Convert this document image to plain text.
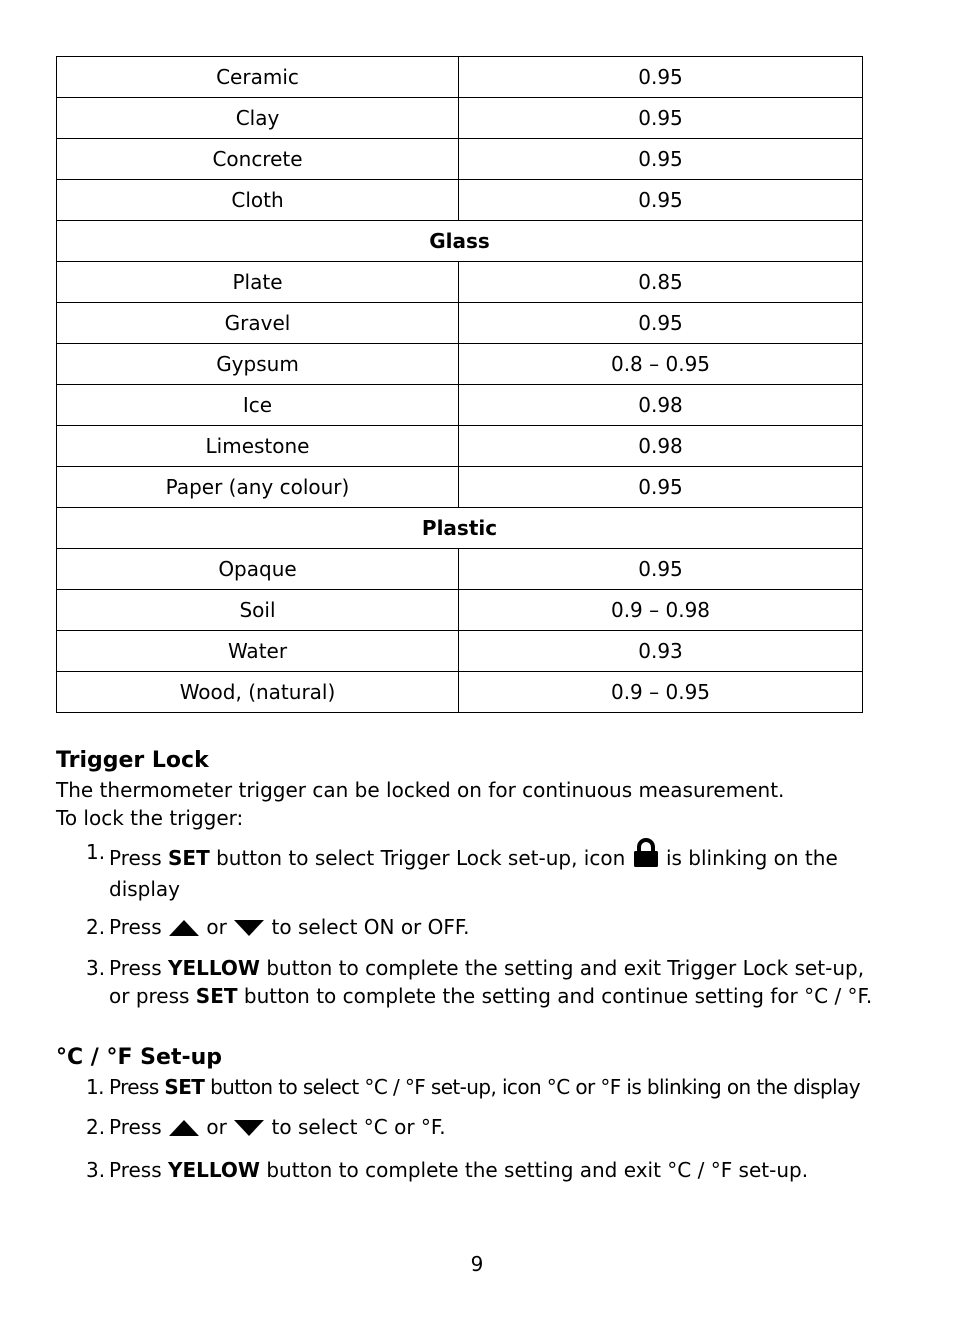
Ceramic	0.95
Clay	0.95
Concrete	0.95
Cloth	0.95
Glass	
Plate	0.85
Gravel	0.95
Gypsum	0.8 – 0.95
Ice	0.98
Limestone	0.98
Paper (any colour)	0.95
Plastic	
Opaque	0.95
Soil	0.9 – 0.98
Water	0.93
Wood, (natural)	0.9 – 0.95
Trigger Lock

The thermometer trigger can be locked on for continuous measurement.

To lock the trigger:

1. Press SET button to select Trigger Lock set-up, icon  is blinking on the display
2. Press  or  to select ON or OFF.
3. Press YELLOW button to complete the setting and exit Trigger Lock set-up, or press SET button to complete the setting and continue setting for °C / °F.
°C / °F Set-up
1. Press SET button to select °C / °F set-up, icon °C or °F is blinking on the display
2. Press  or  to select °C or °F.
3. Press YELLOW button to complete the setting and exit °C / °F set-up.
9
